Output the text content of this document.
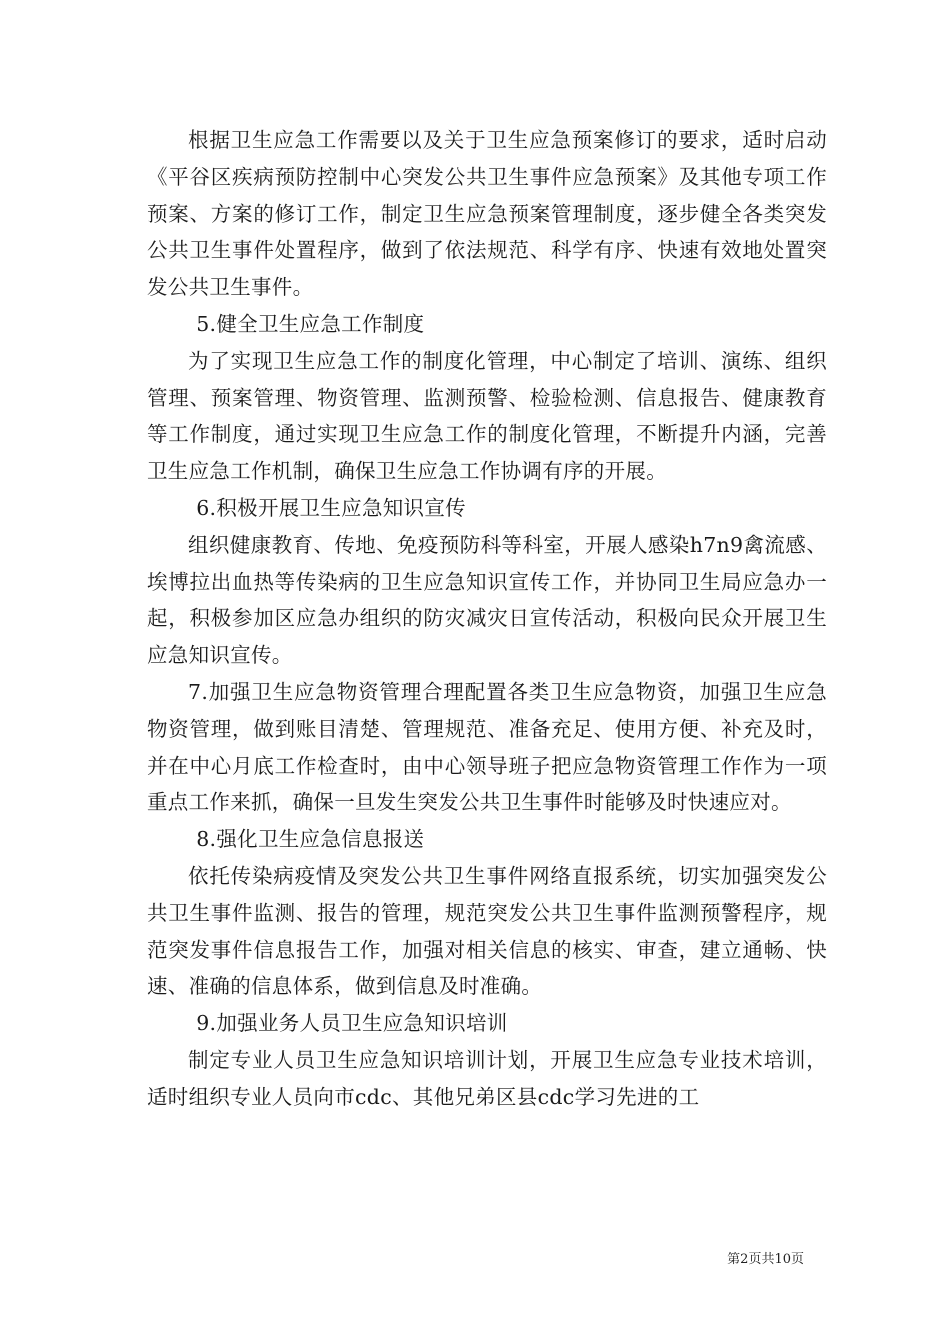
根据卫生应急工作需要以及关于卫生应急预案修订的要求，适时启动《平谷区疾病预防控制中心突发公共卫生事件应急预案》及其他专项工作预案、方案的修订工作，制定卫生应急预案管理制度，逐步健全各类突发公共卫生事件处置程序，做到了依法规范、科学有序、快速有效地处置突发公共卫生事件。

5.健全卫生应急工作制度

为了实现卫生应急工作的制度化管理，中心制定了培训、演练、组织管理、预案管理、物资管理、监测预警、检验检测、信息报告、健康教育等工作制度，通过实现卫生应急工作的制度化管理，不断提升内涵，完善卫生应急工作机制，确保卫生应急工作协调有序的开展。

6.积极开展卫生应急知识宣传

组织健康教育、传地、免疫预防科等科室，开展人感染h7n9禽流感、埃博拉出血热等传染病的卫生应急知识宣传工作，并协同卫生局应急办一起，积极参加区应急办组织的防灾减灾日宣传活动，积极向民众开展卫生应急知识宣传。

7.加强卫生应急物资管理合理配置各类卫生应急物资，加强卫生应急物资管理，做到账目清楚、管理规范、准备充足、使用方便、补充及时，并在中心月底工作检查时，由中心领导班子把应急物资管理工作作为一项重点工作来抓，确保一旦发生突发公共卫生事件时能够及时快速应对。

8.强化卫生应急信息报送

依托传染病疫情及突发公共卫生事件网络直报系统，切实加强突发公共卫生事件监测、报告的管理，规范突发公共卫生事件监测预警程序，规范突发事件信息报告工作，加强对相关信息的核实、审查，建立通畅、快速、准确的信息体系，做到信息及时准确。

9.加强业务人员卫生应急知识培训

制定专业人员卫生应急知识培训计划，开展卫生应急专业技术培训，适时组织专业人员向市cdc、其他兄弟区县cdc学习先进的工

第2页共10页
